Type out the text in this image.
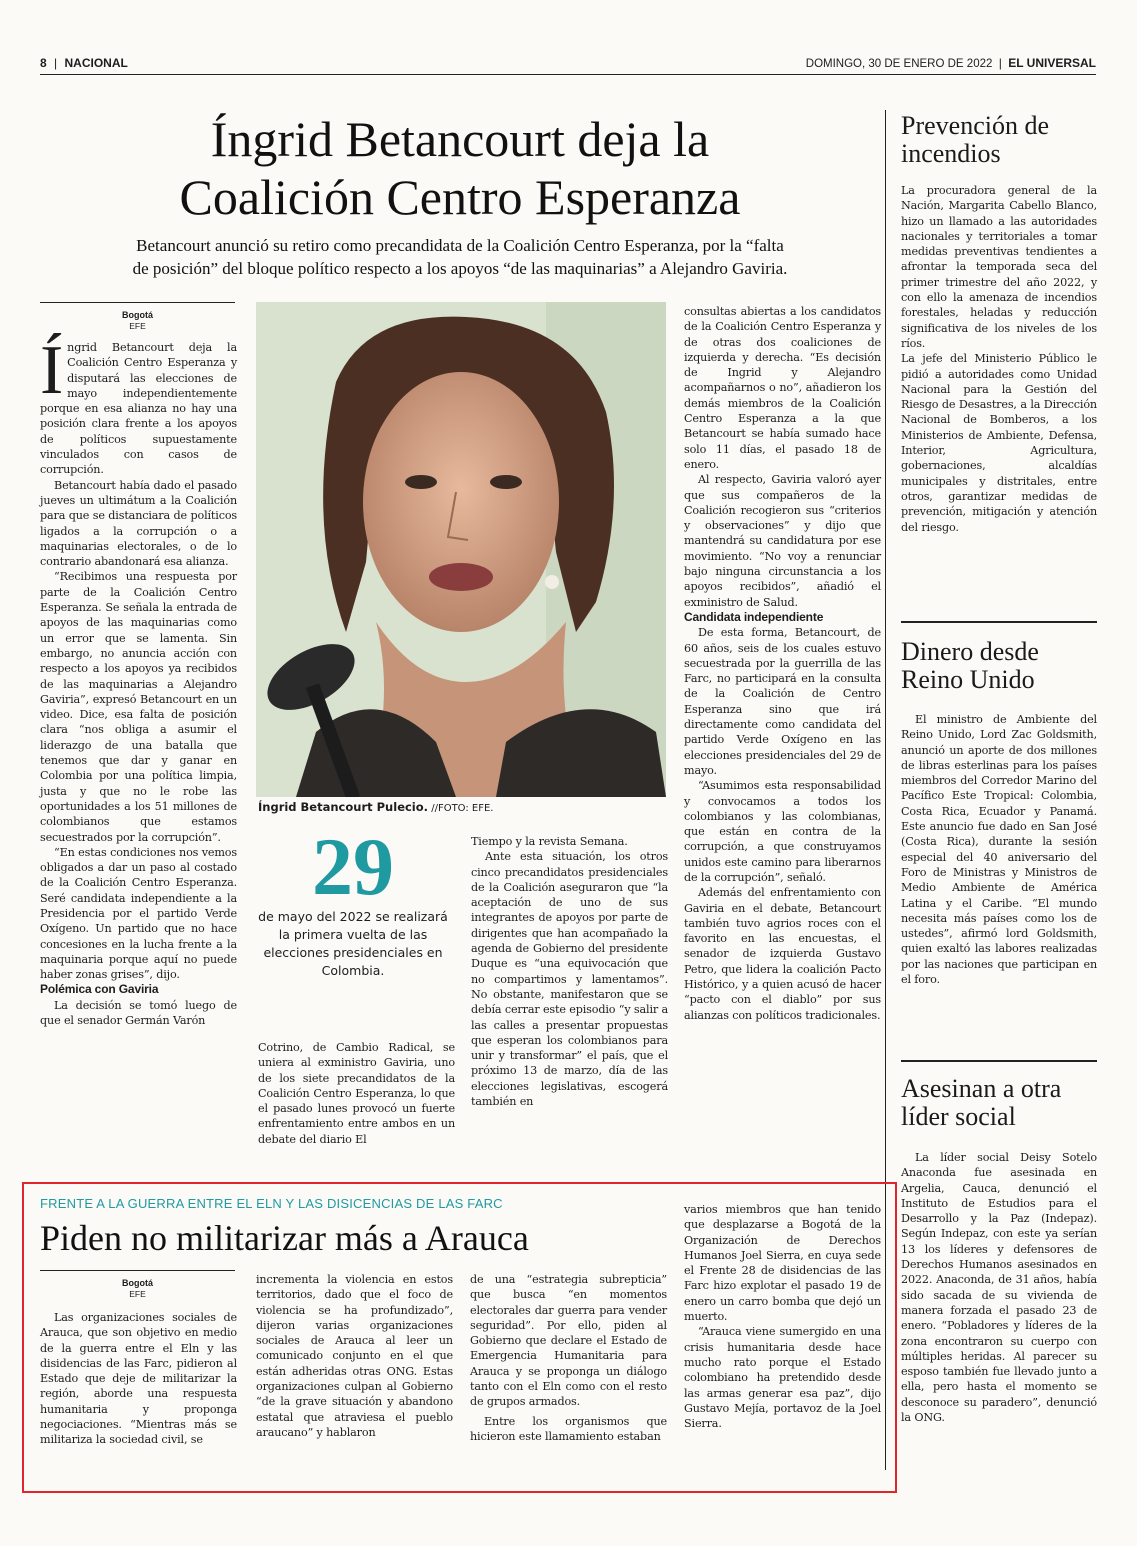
8 | NACIONAL	DOMINGO, 30 DE ENERO DE 2022 | EL UNIVERSAL
Íngrid Betancourt deja la
Coalición Centro Esperanza
Betancourt anunció su retiro como precandidata de la Coalición Centro Esperanza, por la “falta
de posición” del bloque político respecto a los apoyos “de las maquinarias” a Alejandro Gaviria.
Bogotá
EFE

Íngrid Betancourt deja la Coalición Centro Esperanza y disputará las elecciones de mayo independientemente porque en esa alianza no hay una posición clara frente a los apoyos de políticos supuestamente vinculados con casos de corrupción.

Betancourt había dado el pasado jueves un ultimátum a la Coalición para que se distanciara de políticos ligados a la corrupción o a maquinarias electorales, o de lo contrario abandonará esa alianza.

“Recibimos una respuesta por parte de la Coalición Centro Esperanza. Se señala la entrada de apoyos de las maquinarias como un error que se lamenta. Sin embargo, no anuncia acción con respecto a los apoyos ya recibidos de las maquinarias a Alejandro Gaviria”, expresó Betancourt en un video. Dice, esa falta de posición clara “nos obliga a asumir el liderazgo de una batalla que tenemos que dar y ganar en Colombia por una política limpia, justa y que no le robe las oportunidades a los 51 millones de colombianos que estamos secuestrados por la corrupción”.

“En estas condiciones nos vemos obligados a dar un paso al costado de la Coalición Centro Esperanza. Seré candidata independiente a la Presidencia por el partido Verde Oxígeno. Un partido que no hace concesiones en la lucha frente a la maquinaria porque aquí no puede haber zonas grises”, dijo.

Polémica con Gaviria

La decisión se tomó luego de que el senador Germán Varón

Íngrid Betancourt Pulecio. //FOTO: EFE.
29
de mayo del 2022 se realizará
la primera vuelta de las
elecciones presidenciales en
Colombia.

Cotrino, de Cambio Radical, se uniera al exministro Gaviria, uno de los siete precandidatos de la Coalición Centro Esperanza, lo que el pasado lunes provocó un fuerte enfrentamiento entre ambos en un debate del diario El

Tiempo y la revista Semana.

Ante esta situación, los otros cinco precandidatos presidenciales de la Coalición aseguraron que “la aceptación de uno de sus integrantes de apoyos por parte de dirigentes que han acompañado la agenda de Gobierno del presidente Duque es “una equivocación que no compartimos y lamentamos”. No obstante, manifestaron que se debía cerrar este episodio “y salir a las calles a presentar propuestas que esperan los colombianos para unir y transformar” el país, que el próximo 13 de marzo, día de las elecciones legislativas, escogerá también en

consultas abiertas a los candidatos de la Coalición Centro Esperanza y de otras dos coaliciones de izquierda y derecha. “Es decisión de Ingrid y Alejandro acompañarnos o no”, añadieron los demás miembros de la Coalición Centro Esperanza a la que Betancourt se había sumado hace solo 11 días, el pasado 18 de enero.

Al respecto, Gaviria valoró ayer que sus compañeros de la Coalición recogieron sus “criterios y observaciones” y dijo que mantendrá su candidatura por ese movimiento. “No voy a renunciar bajo ninguna circunstancia a los apoyos recibidos”, añadió el exministro de Salud.

Candidata independiente

De esta forma, Betancourt, de 60 años, seis de los cuales estuvo secuestrada por la guerrilla de las Farc, no participará en la consulta de la Coalición de Centro Esperanza sino que irá directamente como candidata del partido Verde Oxígeno en las elecciones presidenciales del 29 de mayo.

“Asumimos esta responsabilidad y convocamos a todos los colombianos y las colombianas, que están en contra de la corrupción, a que construyamos unidos este camino para liberarnos de la corrupción”, señaló.

Además del enfrentamiento con Gaviria en el debate, Betancourt también tuvo agrios roces con el favorito en las encuestas, el senador de izquierda Gustavo Petro, que lidera la coalición Pacto Histórico, y a quien acusó de hacer “pacto con el diablo” por sus alianzas con políticos tradicionales.

FRENTE A LA GUERRA ENTRE EL ELN Y LAS DISICENCIAS DE LAS FARC
Piden no militarizar más a Arauca
Bogotá
EFE

Las organizaciones sociales de Arauca, que son objetivo en medio de la guerra entre el Eln y las disidencias de las Farc, pidieron al Estado que deje de militarizar la región, aborde una respuesta humanitaria y proponga negociaciones. “Mientras más se militariza la sociedad civil, se

incrementa la violencia en estos territorios, dado que el foco de violencia se ha profundizado”, dijeron varias organizaciones sociales de Arauca al leer un comunicado conjunto en el que están adheridas otras ONG. Estas organizaciones culpan al Gobierno “de la grave situación y abandono estatal que atraviesa el pueblo araucano” y hablaron

de una “estrategia subrepticia” que busca “en momentos electorales dar guerra para vender seguridad”. Por ello, piden al Gobierno que declare el Estado de Emergencia Humanitaria para Arauca y se proponga un diálogo tanto con el Eln como con el resto de grupos armados.

Entre los organismos que hicieron este llamamiento estaban

varios miembros que han tenido que desplazarse a Bogotá de la Organización de Derechos Humanos Joel Sierra, en cuya sede el Frente 28 de disidencias de las Farc hizo explotar el pasado 19 de enero un carro bomba que dejó un muerto.

“Arauca viene sumergido en una crisis humanitaria desde hace mucho rato porque el Estado colombiano ha pretendido desde las armas generar esa paz”, dijo Gustavo Mejía, portavoz de la Joel Sierra.

Prevención de incendios

La procuradora general de la Nación, Margarita Cabello Blanco, hizo un llamado a las autoridades nacionales y territoriales a tomar medidas preventivas tendientes a afrontar la temporada seca del primer trimestre del año 2022, y con ello la amenaza de incendios forestales, heladas y reducción significativa de los niveles de los ríos.

La jefe del Ministerio Público le pidió a autoridades como Unidad Nacional para la Gestión del Riesgo de Desastres, a la Dirección Nacional de Bomberos, a los Ministerios de Ambiente, Defensa, Interior, Agricultura, gobernaciones, alcaldías municipales y distritales, entre otros, garantizar medidas de prevención, mitigación y atención del riesgo.

Dinero desde Reino Unido

El ministro de Ambiente del Reino Unido, Lord Zac Goldsmith, anunció un aporte de dos millones de libras esterlinas para los países miembros del Corredor Marino del Pacífico Este Tropical: Colombia, Costa Rica, Ecuador y Panamá. Este anuncio fue dado en San José (Costa Rica), durante la sesión especial del 40 aniversario del Foro de Ministras y Ministros de Medio Ambiente de América Latina y el Caribe. “El mundo necesita más países como los de ustedes”, afirmó lord Goldsmith, quien exaltó las labores realizadas por las naciones que participan en el foro.

Asesinan a otra líder social

La líder social Deisy Sotelo Anaconda fue asesinada en Argelia, Cauca, denunció el Instituto de Estudios para el Desarrollo y la Paz (Indepaz). Según Indepaz, con este ya serían 13 los líderes y defensores de Derechos Humanos asesinados en 2022. Anaconda, de 31 años, había sido sacada de su vivienda de manera forzada el pasado 23 de enero. “Pobladores y líderes de la zona encontraron su cuerpo con múltiples heridas. Al parecer su esposo también fue llevado junto a ella, pero hasta el momento se desconoce su paradero”, denunció la ONG.
